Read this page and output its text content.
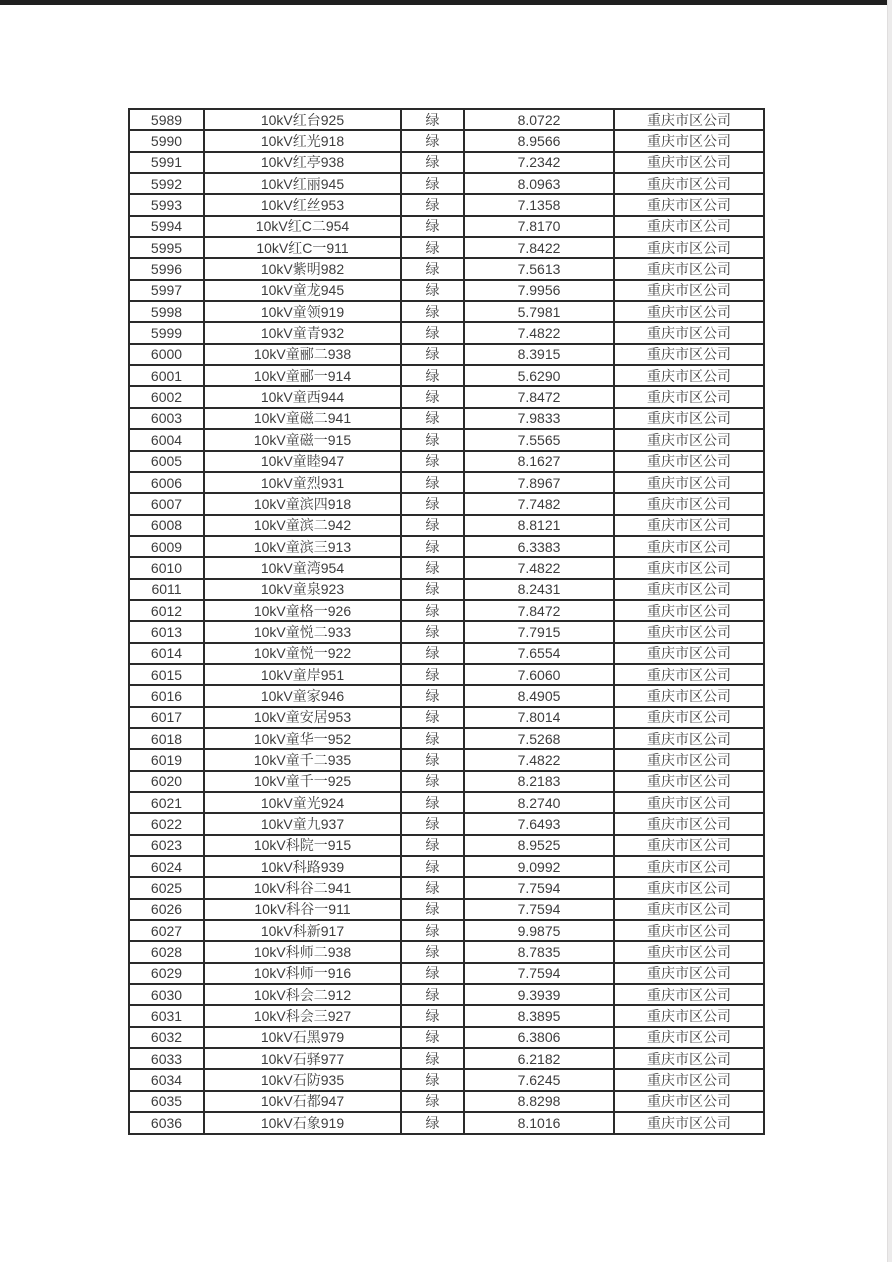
5989	10kV红台925	绿	8.0722	重庆市区公司
5990	10kV红光918	绿	8.9566	重庆市区公司
5991	10kV红亭938	绿	7.2342	重庆市区公司
5992	10kV红丽945	绿	8.0963	重庆市区公司
5993	10kV红丝953	绿	7.1358	重庆市区公司
5994	10kV红C二954	绿	7.8170	重庆市区公司
5995	10kV红C一911	绿	7.8422	重庆市区公司
5996	10kV紫明982	绿	7.5613	重庆市区公司
5997	10kV童龙945	绿	7.9956	重庆市区公司
5998	10kV童领919	绿	5.7981	重庆市区公司
5999	10kV童青932	绿	7.4822	重庆市区公司
6000	10kV童郦二938	绿	8.3915	重庆市区公司
6001	10kV童郦一914	绿	5.6290	重庆市区公司
6002	10kV童西944	绿	7.8472	重庆市区公司
6003	10kV童磁二941	绿	7.9833	重庆市区公司
6004	10kV童磁一915	绿	7.5565	重庆市区公司
6005	10kV童睦947	绿	8.1627	重庆市区公司
6006	10kV童烈931	绿	7.8967	重庆市区公司
6007	10kV童滨四918	绿	7.7482	重庆市区公司
6008	10kV童滨二942	绿	8.8121	重庆市区公司
6009	10kV童滨三913	绿	6.3383	重庆市区公司
6010	10kV童湾954	绿	7.4822	重庆市区公司
6011	10kV童泉923	绿	8.2431	重庆市区公司
6012	10kV童格一926	绿	7.8472	重庆市区公司
6013	10kV童悦二933	绿	7.7915	重庆市区公司
6014	10kV童悦一922	绿	7.6554	重庆市区公司
6015	10kV童岸951	绿	7.6060	重庆市区公司
6016	10kV童家946	绿	8.4905	重庆市区公司
6017	10kV童安居953	绿	7.8014	重庆市区公司
6018	10kV童华一952	绿	7.5268	重庆市区公司
6019	10kV童千二935	绿	7.4822	重庆市区公司
6020	10kV童千一925	绿	8.2183	重庆市区公司
6021	10kV童光924	绿	8.2740	重庆市区公司
6022	10kV童九937	绿	7.6493	重庆市区公司
6023	10kV科院一915	绿	8.9525	重庆市区公司
6024	10kV科路939	绿	9.0992	重庆市区公司
6025	10kV科谷二941	绿	7.7594	重庆市区公司
6026	10kV科谷一911	绿	7.7594	重庆市区公司
6027	10kV科新917	绿	9.9875	重庆市区公司
6028	10kV科师二938	绿	8.7835	重庆市区公司
6029	10kV科师一916	绿	7.7594	重庆市区公司
6030	10kV科会二912	绿	9.3939	重庆市区公司
6031	10kV科会三927	绿	8.3895	重庆市区公司
6032	10kV石黑979	绿	6.3806	重庆市区公司
6033	10kV石驿977	绿	6.2182	重庆市区公司
6034	10kV石防935	绿	7.6245	重庆市区公司
6035	10kV石都947	绿	8.8298	重庆市区公司
6036	10kV石象919	绿	8.1016	重庆市区公司
